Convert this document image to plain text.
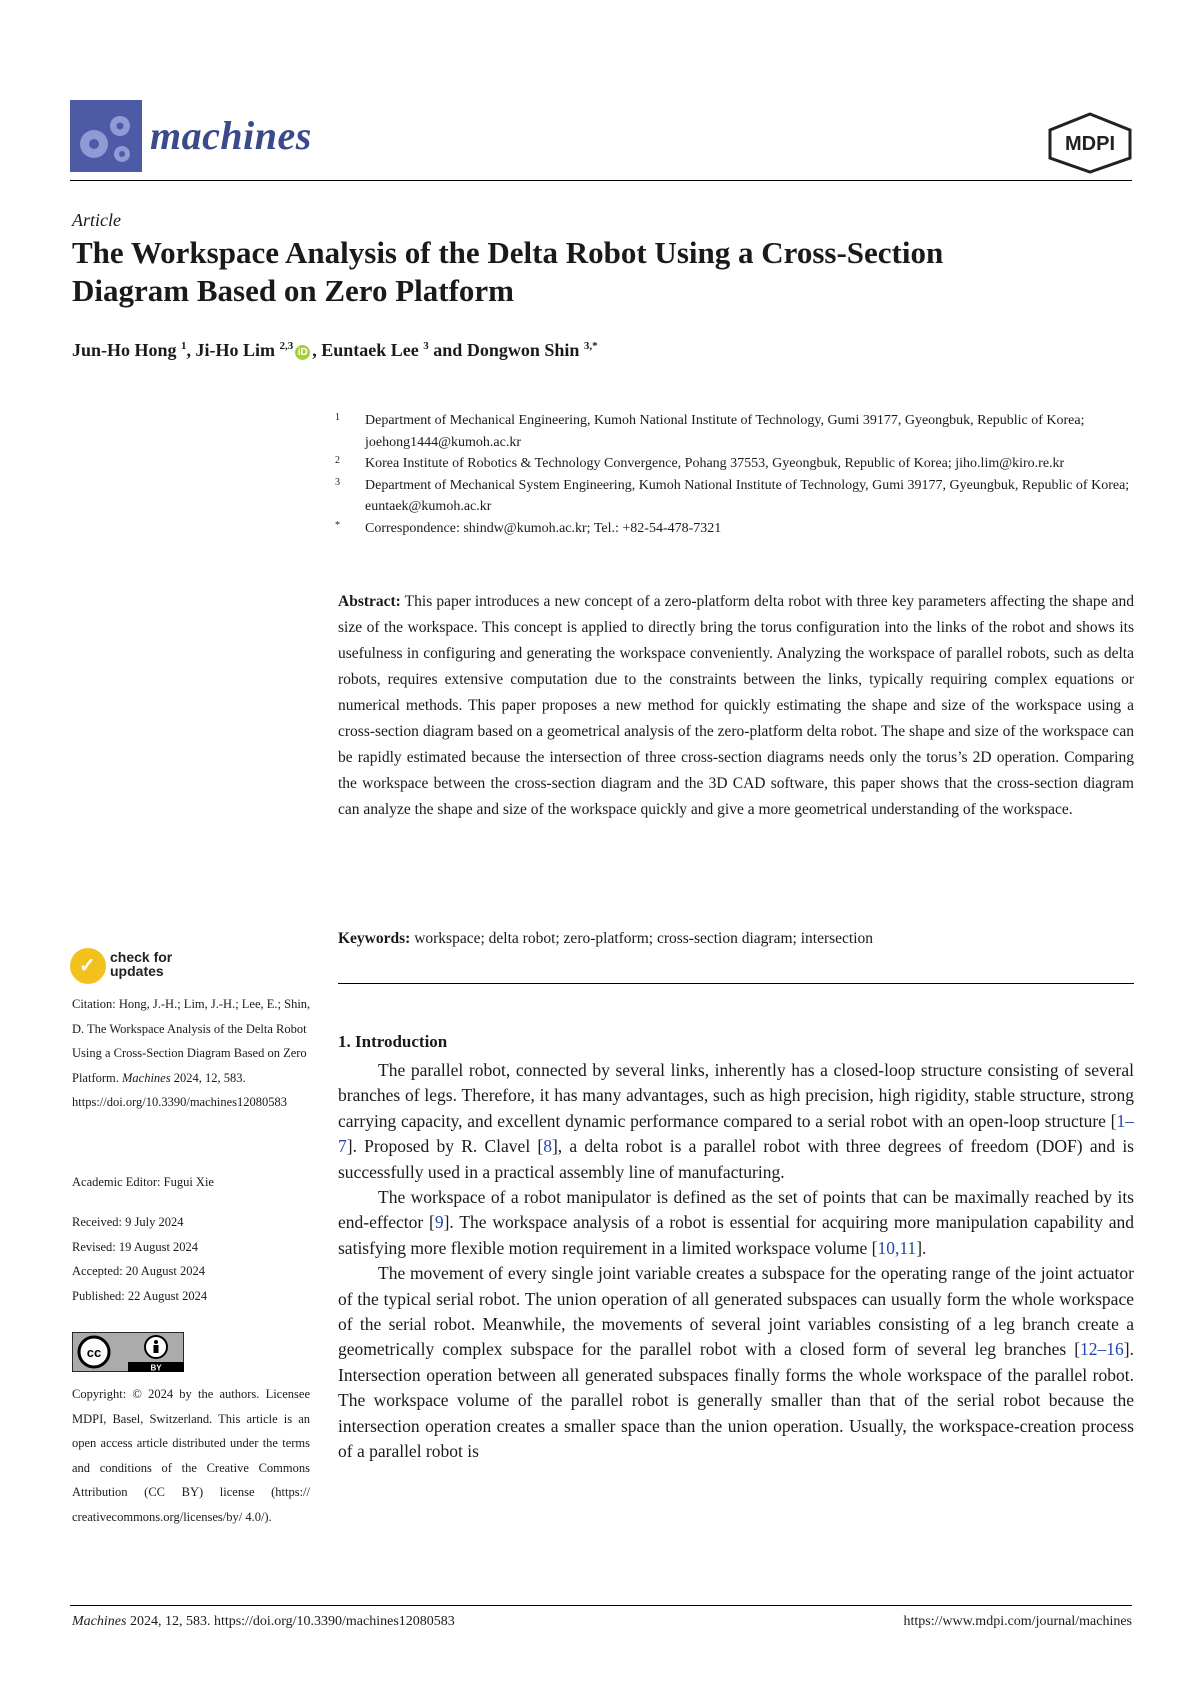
machines	MDPI
Article
The Workspace Analysis of the Delta Robot Using a Cross-Section Diagram Based on Zero Platform
Jun-Ho Hong $^1$, Ji-Ho Lim $^{2,3}$iD , Euntaek Lee $^3$ and Dongwon Shin $^{3,*}$
1 Department of Mechanical Engineering, Kumoh National Institute of Technology, Gumi 39177, Gyeongbuk, Republic of Korea; joehong1444@kumoh.ac.kr
2 Korea Institute of Robotics & Technology Convergence, Pohang 37553, Gyeongbuk, Republic of Korea; jiho.lim@kiro.re.kr
3 Department of Mechanical System Engineering, Kumoh National Institute of Technology, Gumi 39177, Gyeungbuk, Republic of Korea; euntaek@kumoh.ac.kr
* Correspondence: shindw@kumoh.ac.kr; Tel.: +82-54-478-7321
Abstract: This paper introduces a new concept of a zero-platform delta robot with three key parameters affecting the shape and size of the workspace. This concept is applied to directly bring the torus configuration into the links of the robot and shows its usefulness in configuring and generating the workspace conveniently. Analyzing the workspace of parallel robots, such as delta robots, requires extensive computation due to the constraints between the links, typically requiring complex equations or numerical methods. This paper proposes a new method for quickly estimating the shape and size of the workspace using a cross-section diagram based on a geometrical analysis of the zero-platform delta robot. The shape and size of the workspace can be rapidly estimated because the intersection of three cross-section diagrams needs only the torus’s 2D operation. Comparing the workspace between the cross-section diagram and the 3D CAD software, this paper shows that the cross-section diagram can analyze the shape and size of the workspace quickly and give a more geometrical understanding of the workspace.
Keywords: workspace; delta robot; zero-platform; cross-section diagram; intersection
✓ check for
updates
Citation: Hong, J.-H.; Lim, J.-H.; Lee, E.; Shin, D. The Workspace Analysis of the Delta Robot Using a Cross-Section Diagram Based on Zero Platform. Machines 2024, 12, 583. https://doi.org/10.3390/machines12080583
Academic Editor: Fugui Xie
Received: 9 July 2024
Revised: 19 August 2024
Accepted: 20 August 2024
Published: 22 August 2024
cc
BY
Copyright: © 2024 by the authors. Licensee MDPI, Basel, Switzerland. This article is an open access article distributed under the terms and conditions of the Creative Commons Attribution (CC BY) license (https:// creativecommons.org/licenses/by/ 4.0/).
1. Introduction

The parallel robot, connected by several links, inherently has a closed-loop structure consisting of several branches of legs. Therefore, it has many advantages, such as high precision, high rigidity, stable structure, strong carrying capacity, and excellent dynamic performance compared to a serial robot with an open-loop structure [1–7]. Proposed by R. Clavel [8], a delta robot is a parallel robot with three degrees of freedom (DOF) and is successfully used in a practical assembly line of manufacturing.

The workspace of a robot manipulator is defined as the set of points that can be maximally reached by its end-effector [9]. The workspace analysis of a robot is essential for acquiring more manipulation capability and satisfying more flexible motion requirement in a limited workspace volume [10,11].

The movement of every single joint variable creates a subspace for the operating range of the joint actuator of the typical serial robot. The union operation of all generated subspaces can usually form the whole workspace of the serial robot. Meanwhile, the movements of several joint variables consisting of a leg branch create a geometrically complex subspace for the parallel robot with a closed form of several leg branches [12–16]. Intersection operation between all generated subspaces finally forms the whole workspace of the parallel robot. The workspace volume of the parallel robot is generally smaller than that of the serial robot because the intersection operation creates a smaller space than the union operation. Usually, the workspace-creation process of a parallel robot is

Machines 2024, 12, 583. https://doi.org/10.3390/machines12080583	https://www.mdpi.com/journal/machines
